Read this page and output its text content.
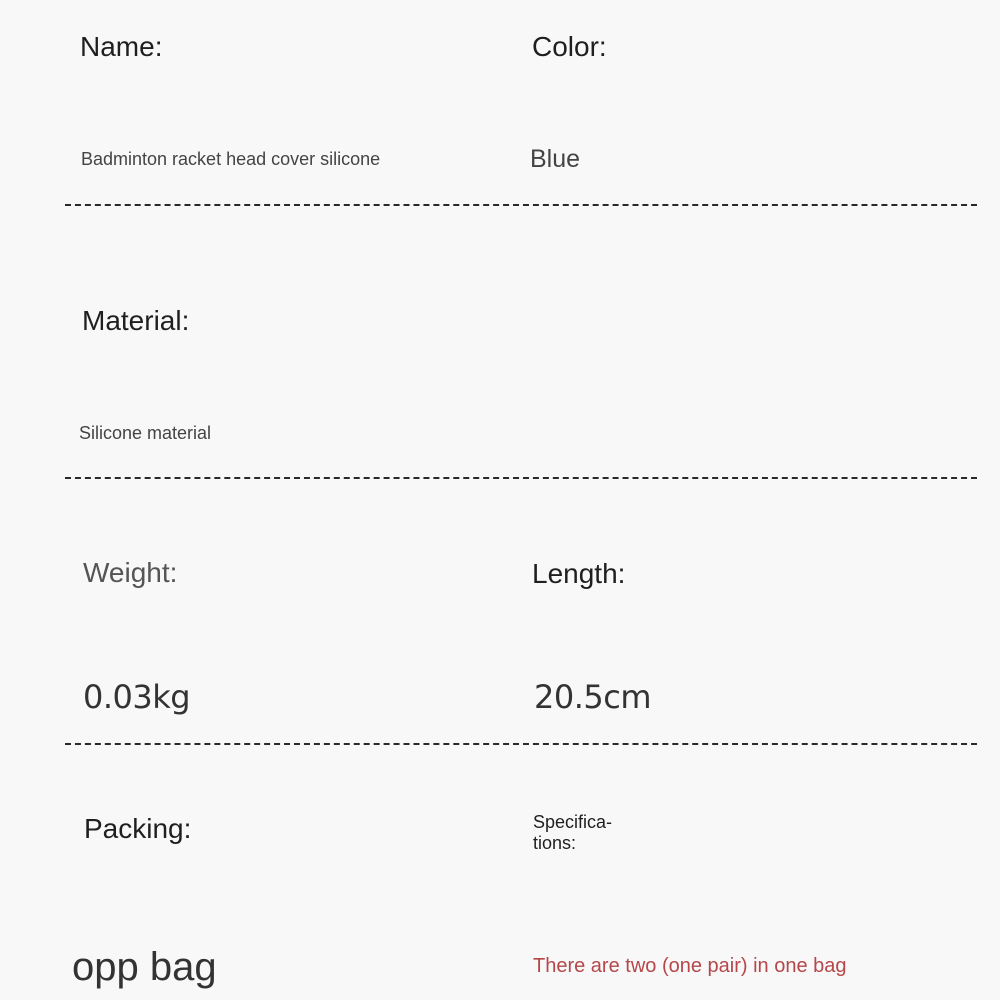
Name:	Color:
Badminton racket head cover silicone	Blue
Material:
Silicone material
Weight:	Length:
0.03kg	20.5cm
Packing:	Specifica-
tions:
opp bag	There are two (one pair) in one bag
